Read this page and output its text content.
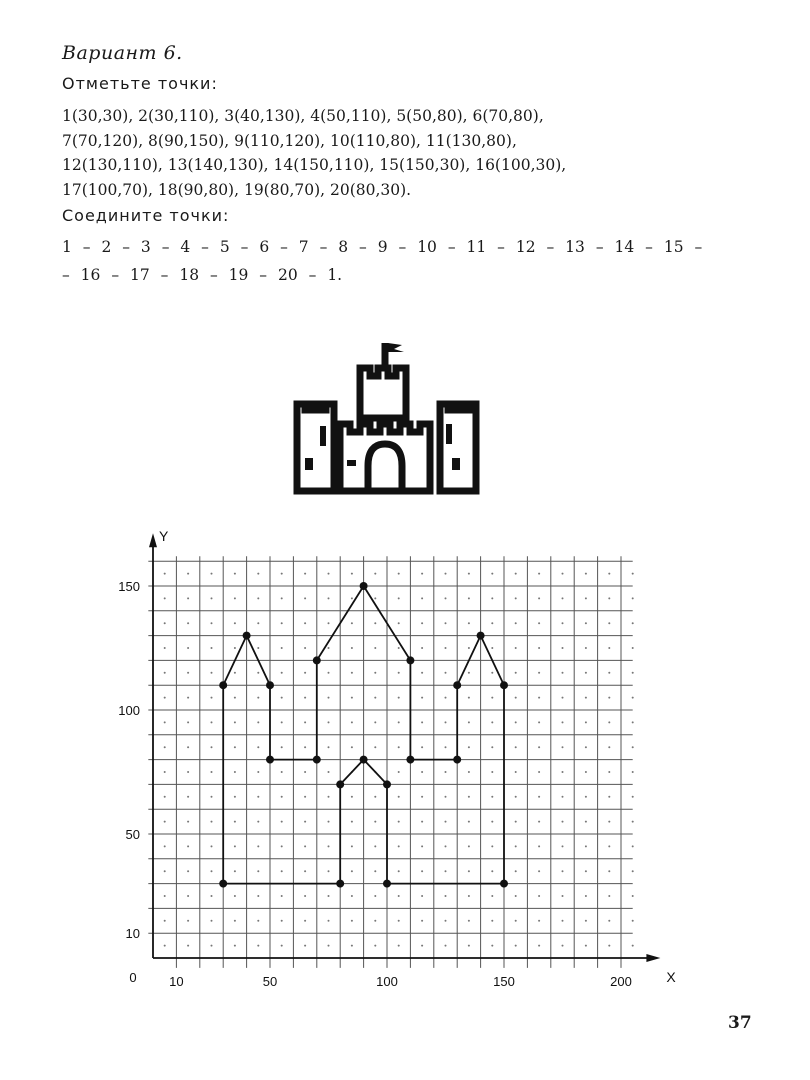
Вариант 6.
Отметьте точки:
1(30,30), 2(30,110), 3(40,130), 4(50,110), 5(50,80), 6(70,80),
7(70,120), 8(90,150), 9(110,120), 10(110,80), 11(130,80),
12(130,110), 13(140,130), 14(150,110), 15(150,30), 16(100,30),
17(100,70), 18(90,80), 19(80,70), 20(80,30).
Соедините точки:
1 – 2 – 3 – 4 – 5 – 6 – 7 – 8 – 9 – 10 – 11 – 12 – 13 – 14 – 15 –
– 16 – 17 – 18 – 19 – 20 – 1.
10	50	100	150	200
10
50
100
150
0	X
Y
37
